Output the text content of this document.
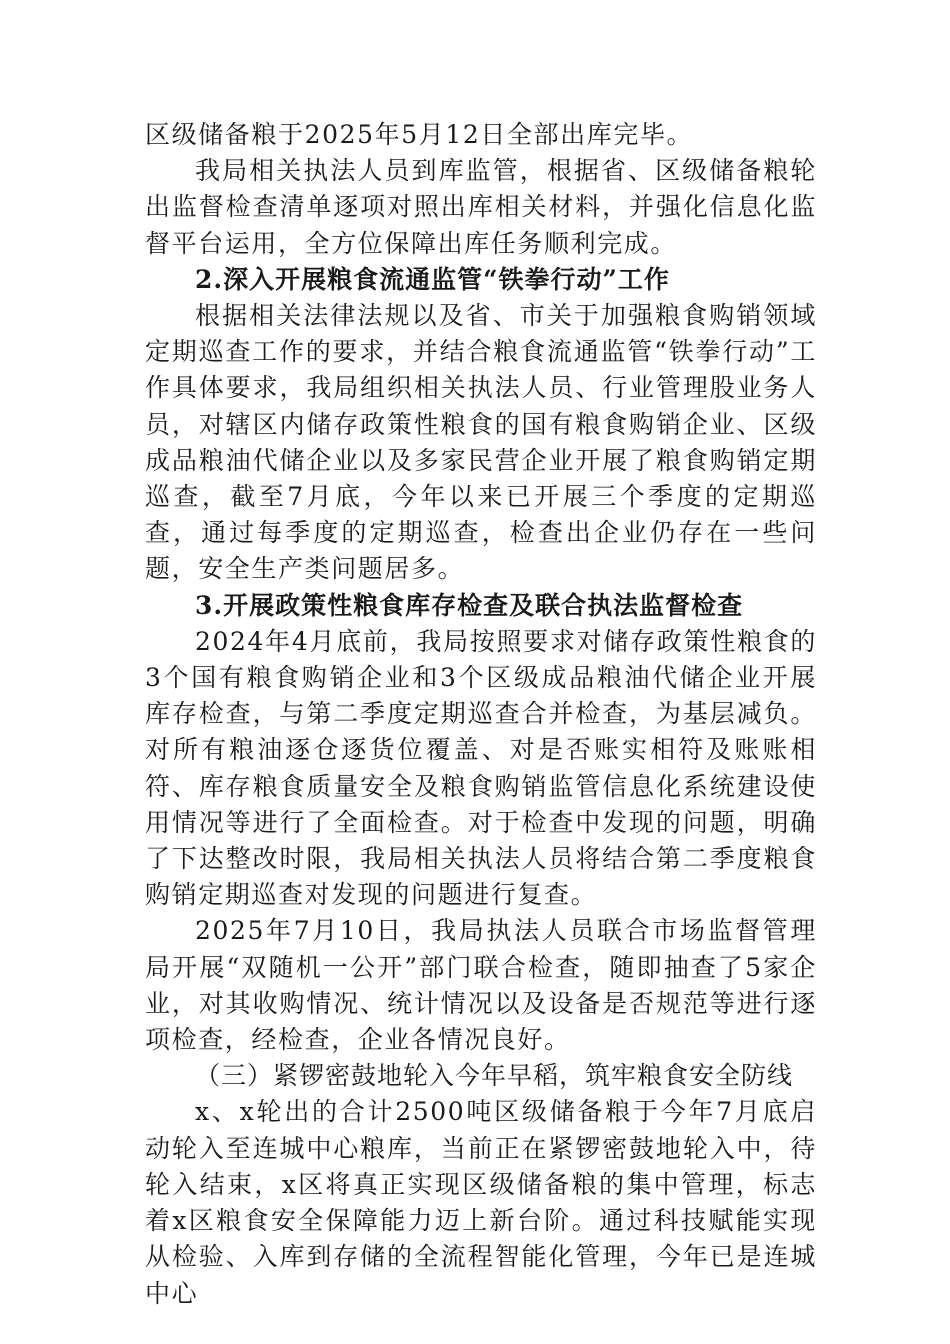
区级储备粮于2025年5月12日全部出库完毕。

我局相关执法人员到库监管，根据省、区级储备粮轮出监督检查清单逐项对照出库相关材料，并强化信息化监督平台运用，全方位保障出库任务顺利完成。

2.深入开展粮食流通监管“铁拳行动”工作

根据相关法律法规以及省、市关于加强粮食购销领域定期巡查工作的要求，并结合粮食流通监管“铁拳行动”工作具体要求，我局组织相关执法人员、行业管理股业务人员，对辖区内储存政策性粮食的国有粮食购销企业、区级成品粮油代储企业以及多家民营企业开展了粮食购销定期巡查，截至7月底，今年以来已开展三个季度的定期巡查，通过每季度的定期巡查，检查出企业仍存在一些问题，安全生产类问题居多。

3.开展政策性粮食库存检查及联合执法监督检查

2024年4月底前，我局按照要求对储存政策性粮食的3个国有粮食购销企业和3个区级成品粮油代储企业开展库存检查，与第二季度定期巡查合并检查，为基层减负。对所有粮油逐仓逐货位覆盖、对是否账实相符及账账相符、库存粮食质量安全及粮食购销监管信息化系统建设使用情况等进行了全面检查。对于检查中发现的问题，明确了下达整改时限，我局相关执法人员将结合第二季度粮食购销定期巡查对发现的问题进行复查。

2025年7月10日，我局执法人员联合市场监督管理局开展“双随机一公开”部门联合检查，随即抽查了5家企业，对其收购情况、统计情况以及设备是否规范等进行逐项检查，经检查，企业各情况良好。

（三）紧锣密鼓地轮入今年早稻，筑牢粮食安全防线

x、x轮出的合计2500吨区级储备粮于今年7月底启动轮入至连城中心粮库，当前正在紧锣密鼓地轮入中，待轮入结束，x区将真正实现区级储备粮的集中管理，标志着x区粮食安全保障能力迈上新台阶。通过科技赋能实现从检验、入库到存储的全流程智能化管理，今年已是连城中心
